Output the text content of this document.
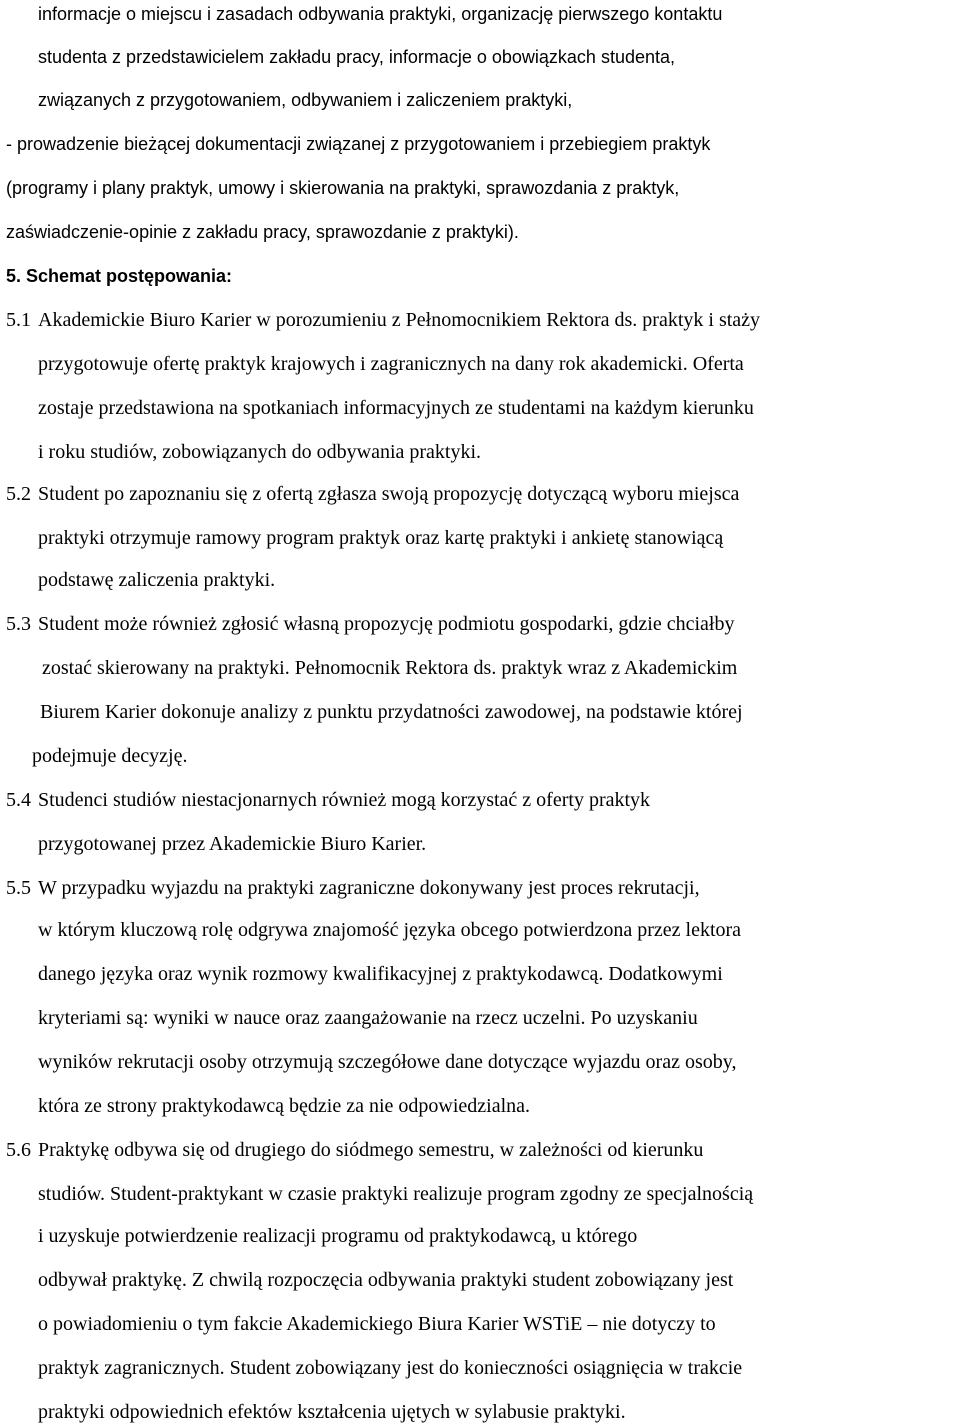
informacje o miejscu i zasadach odbywania praktyki, organizację pierwszego kontaktu
studenta z przedstawicielem zakładu pracy, informacje o obowiązkach studenta,
związanych z przygotowaniem, odbywaniem i zaliczeniem praktyki,
- prowadzenie bieżącej dokumentacji związanej z przygotowaniem i przebiegiem praktyk
(programy i plany praktyk, umowy i skierowania na praktyki, sprawozdania z praktyk,
zaświadczenie-opinie z zakładu pracy, sprawozdanie z praktyki).
5. Schemat postępowania:
5.1 Akademickie Biuro Karier w porozumieniu z Pełnomocnikiem Rektora ds. praktyk i staży
przygotowuje ofertę praktyk krajowych i zagranicznych na dany rok akademicki. Oferta
zostaje przedstawiona na spotkaniach informacyjnych ze studentami na każdym kierunku
i roku studiów, zobowiązanych do odbywania praktyki.
5.2 Student po zapoznaniu się z ofertą zgłasza swoją propozycję dotyczącą wyboru miejsca
praktyki otrzymuje ramowy program praktyk oraz kartę praktyki i ankietę stanowiącą
podstawę zaliczenia praktyki.
5.3 Student może również zgłosić własną propozycję podmiotu gospodarki, gdzie chciałby
zostać skierowany na praktyki. Pełnomocnik Rektora ds. praktyk wraz z Akademickim
Biurem Karier dokonuje analizy z punktu przydatności zawodowej, na podstawie której
podejmuje decyzję.
5.4 Studenci studiów niestacjonarnych również mogą korzystać z oferty praktyk
przygotowanej przez Akademickie Biuro Karier.
5.5 W przypadku wyjazdu na praktyki zagraniczne dokonywany jest proces rekrutacji,
w którym kluczową rolę odgrywa znajomość języka obcego potwierdzona przez lektora
danego języka oraz wynik rozmowy kwalifikacyjnej z praktykodawcą. Dodatkowymi
kryteriami są: wyniki w nauce oraz zaangażowanie na rzecz uczelni. Po uzyskaniu
wyników rekrutacji osoby otrzymują szczegółowe dane dotyczące wyjazdu oraz osoby,
która ze strony praktykodawcą będzie za nie odpowiedzialna.
5.6 Praktykę odbywa się od drugiego do siódmego semestru, w zależności od kierunku
studiów. Student-praktykant w czasie praktyki realizuje program zgodny ze specjalnością
i uzyskuje potwierdzenie realizacji programu od praktykodawcą, u którego
odbywał praktykę. Z chwilą rozpoczęcia odbywania praktyki student zobowiązany jest
o powiadomieniu o tym fakcie Akademickiego Biura Karier WSTiE – nie dotyczy to
praktyk zagranicznych. Student zobowiązany jest do konieczności osiągnięcia w trakcie
praktyki odpowiednich efektów kształcenia ujętych w sylabusie praktyki.
